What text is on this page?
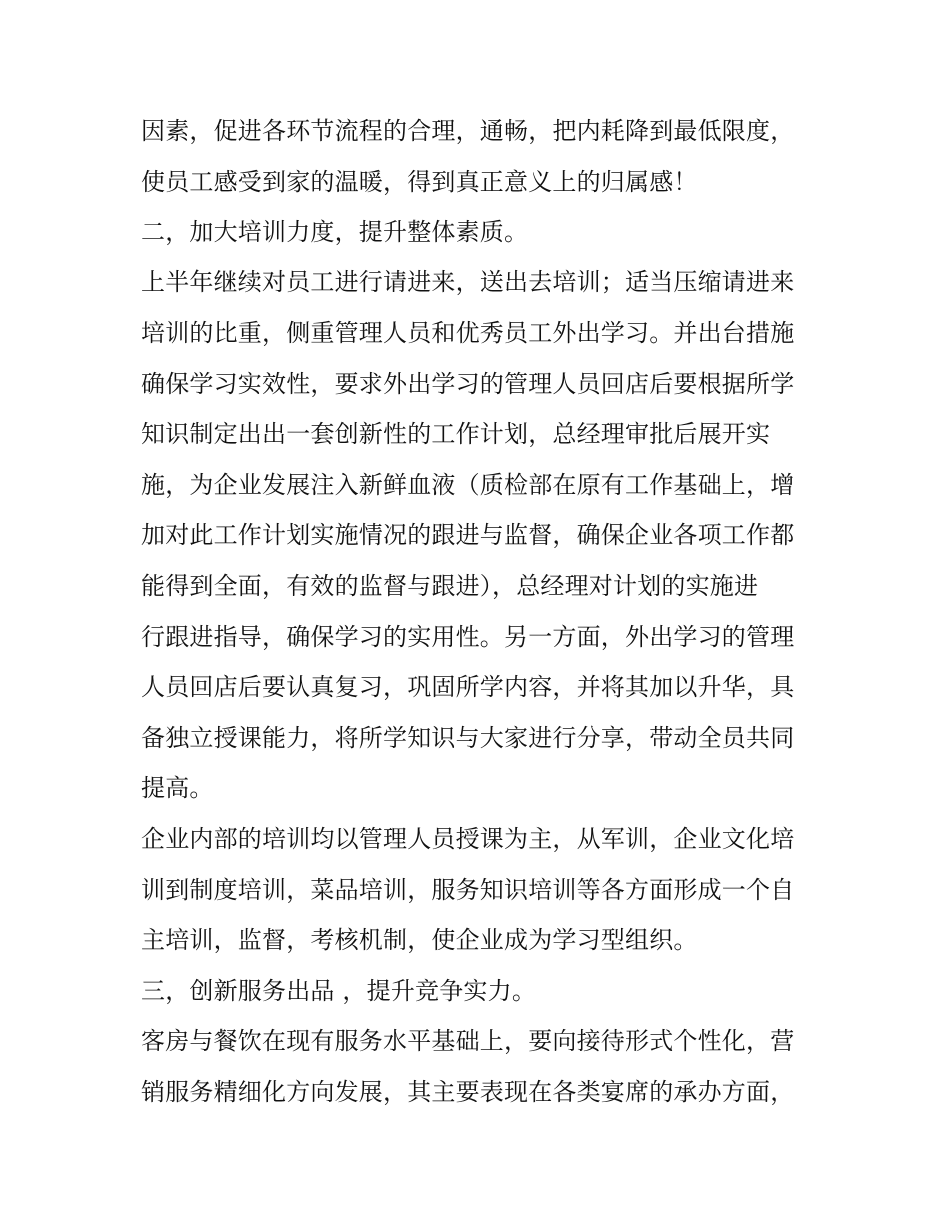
因素，促进各环节流程的合理，通畅，把内耗降到最低限度，
使员工感受到家的温暖，得到真正意义上的归属感！
二，加大培训力度，提升整体素质。
上半年继续对员工进行请进来，送出去培训；适当压缩请进来
培训的比重，侧重管理人员和优秀员工外出学习。并出台措施
确保学习实效性，要求外出学习的管理人员回店后要根据所学
知识制定出出一套创新性的工作计划，总经理审批后展开实
施，为企业发展注入新鲜血液（质检部在原有工作基础上，增
加对此工作计划实施情况的跟进与监督，确保企业各项工作都
能得到全面，有效的监督与跟进），总经理对计划的实施进
行跟进指导，确保学习的实用性。另一方面，外出学习的管理
人员回店后要认真复习，巩固所学内容，并将其加以升华，具
备独立授课能力，将所学知识与大家进行分享，带动全员共同
提高。
企业内部的培训均以管理人员授课为主，从军训，企业文化培
训到制度培训，菜品培训，服务知识培训等各方面形成一个自
主培训，监督，考核机制，使企业成为学习型组织。
三，创新服务出品 ，提升竞争实力。
客房与餐饮在现有服务水平基础上，要向接待形式个性化，营
销服务精细化方向发展，其主要表现在各类宴席的承办方面，
